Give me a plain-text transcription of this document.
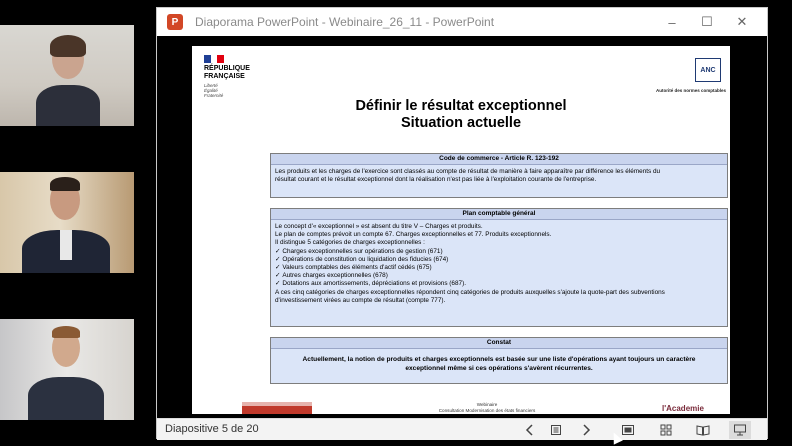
P	Diaporama PowerPoint - Webinaire_26_11 - PowerPoint	–	☐	✕
RÉPUBLIQUE
FRANÇAISE
Liberté
Égalité
Fraternité
ANC
Autorité des normes comptables
Définir le résultat exceptionnel
Situation actuelle
Code de commerce - Article R. 123-192
Les produits et les charges de l'exercice sont classés au compte de résultat de manière à faire apparaître par différence les éléments du
résultat courant et le résultat exceptionnel dont la réalisation n'est pas liée à l'exploitation courante de l'entreprise.
Plan comptable général
Le concept d'« exceptionnel » est absent du titre V – Charges et produits.
Le plan de comptes prévoit un compte 67. Charges exceptionnelles et 77. Produits exceptionnels.
Il distingue 5 catégories de charges exceptionnelles :
✓ Charges exceptionnelles sur opérations de gestion (671)
✓ Opérations de constitution ou liquidation des fiducies (674)
✓ Valeurs comptables des éléments d'actif cédés (675)
✓ Autres charges exceptionnelles (678)
✓ Dotations aux amortissements, dépréciations et provisions (687).
A ces cinq catégories de charges exceptionnelles répondent cinq catégories de produits auxquelles s'ajoute la quote-part des subventions
d'investissement virées au compte de résultat (compte 777).
Constat
Actuellement, la notion de produits et charges exceptionnels est basée sur une liste d'opérations ayant toujours un caractère
exceptionnel même si ces opérations s'avèrent récurrentes.
Webinaire
Consultation Modernisation des états financiers	l'Academie
Diapositive 5 de 20
